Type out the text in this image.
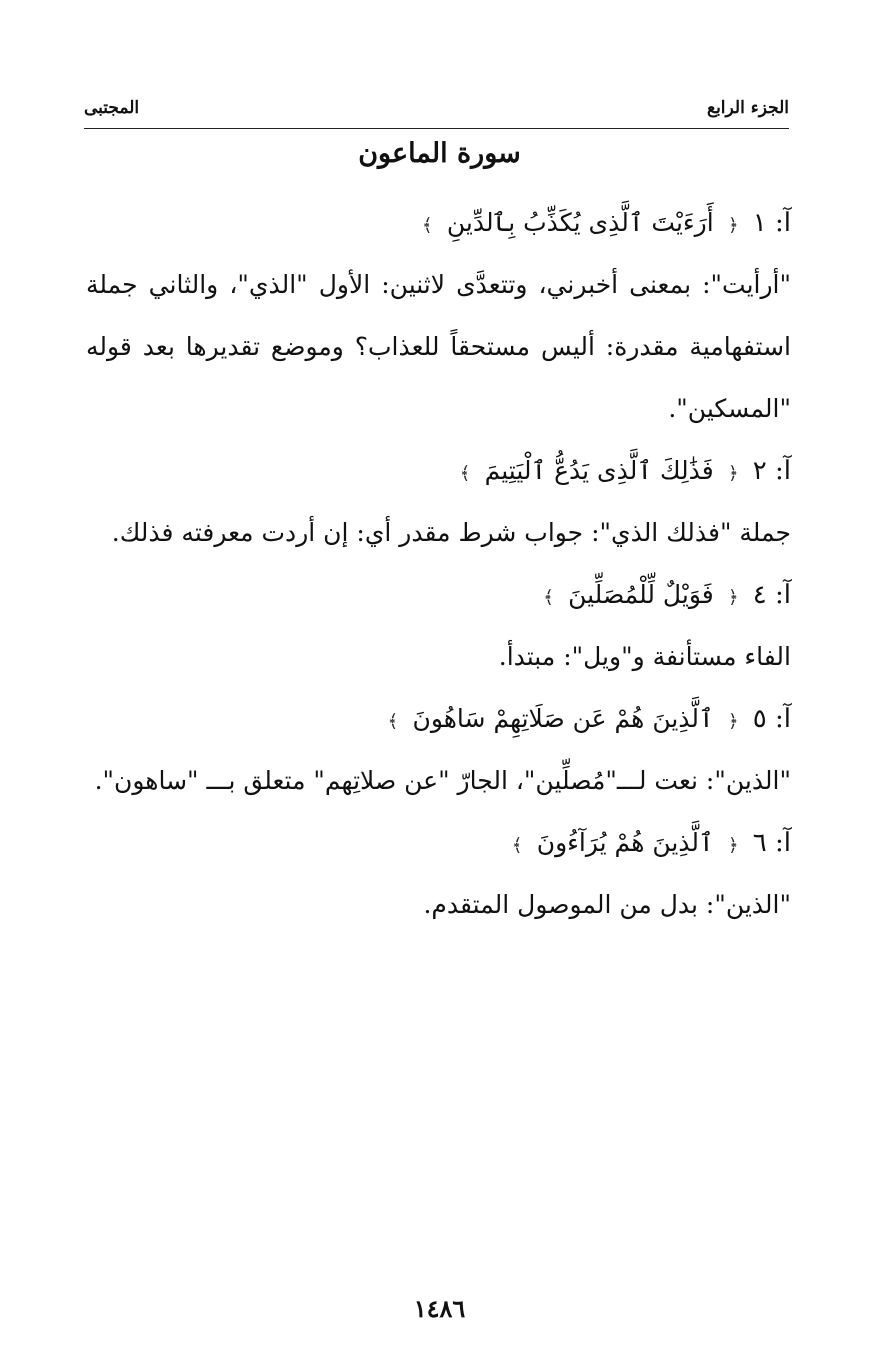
الجزء الرابع
المجتبى
سورة الماعون

آ: ١ ﴿ أَرَءَيْتَ ٱلَّذِى يُكَذِّبُ بِٱلدِّينِ ﴾

"أرأيت": بمعنى أخبرني، وتتعدَّى لاثنين: الأول "الذي"، والثاني جملة استفهامية مقدرة: أليس مستحقاً للعذاب؟ وموضع تقديرها بعد قوله "المسكين".

آ: ٢ ﴿ فَذَٰلِكَ ٱلَّذِى يَدُعُّ ٱلْيَتِيمَ ﴾

جملة "فذلك الذي": جواب شرط مقدر أي: إن أردت معرفته فذلك.

آ: ٤ ﴿ فَوَيْلٌ لِّلْمُصَلِّينَ ﴾

الفاء مستأنفة و"ويل": مبتدأ.

آ: ٥ ﴿ ٱلَّذِينَ هُمْ عَن صَلَاتِهِمْ سَاهُونَ ﴾

"الذين": نعت لـــ"مُصلِّين"، الجارّ "عن صلاتِهم" متعلق بـــ "ساهون".

آ: ٦ ﴿ ٱلَّذِينَ هُمْ يُرَآءُونَ ﴾

"الذين": بدل من الموصول المتقدم.

١٤٨٦
